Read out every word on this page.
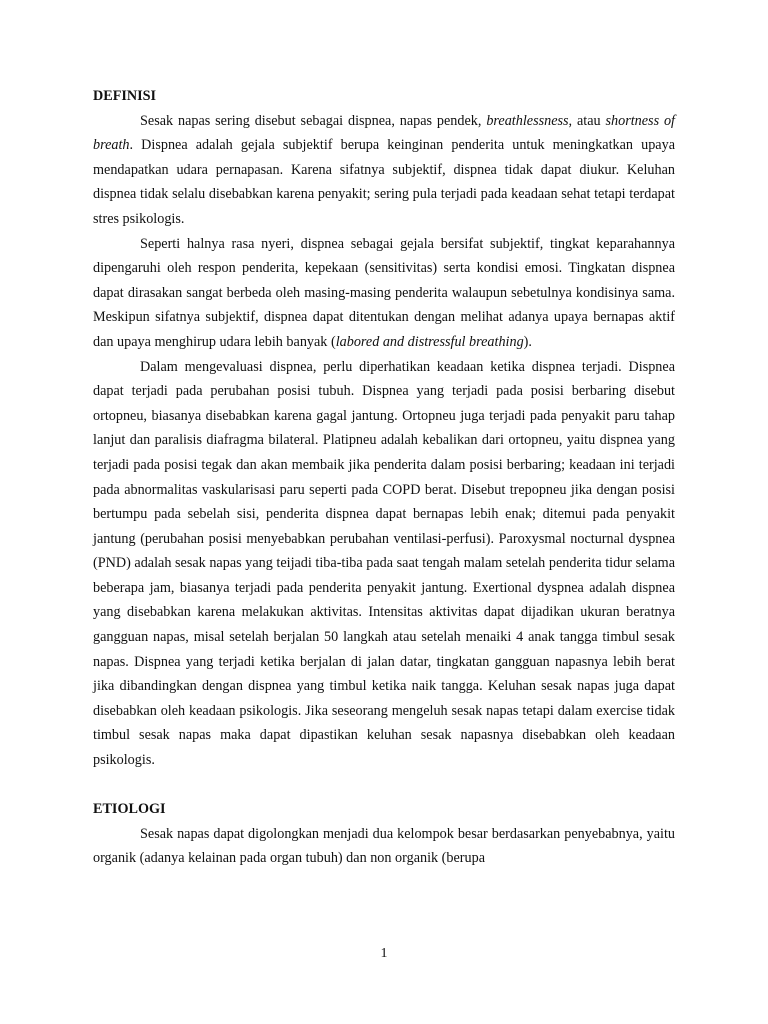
DEFINISI

Sesak napas sering disebut sebagai dispnea, napas pendek, breathlessness, atau shortness of breath. Dispnea adalah gejala subjektif berupa keinginan penderita untuk meningkatkan upaya mendapatkan udara pernapasan. Karena sifatnya subjektif, dispnea tidak dapat diukur. Keluhan dispnea tidak selalu disebabkan karena penyakit; sering pula terjadi pada keadaan sehat tetapi terdapat stres psikologis.

Seperti halnya rasa nyeri, dispnea sebagai gejala bersifat subjektif, tingkat keparahannya dipengaruhi oleh respon penderita, kepekaan (sensitivitas) serta kondisi emosi. Tingkatan dispnea dapat dirasakan sangat berbeda oleh masing-masing penderita walaupun sebetulnya kondisinya sama. Meskipun sifatnya subjektif, dispnea dapat ditentukan dengan melihat adanya upaya bernapas aktif dan upaya menghirup udara lebih banyak (labored and distressful breathing).

Dalam mengevaluasi dispnea, perlu diperhatikan keadaan ketika dispnea terjadi. Dispnea dapat terjadi pada perubahan posisi tubuh. Dispnea yang terjadi pada posisi berbaring disebut ortopneu, biasanya disebabkan karena gagal jantung. Ortopneu juga terjadi pada penyakit paru tahap lanjut dan paralisis diafragma bilateral. Platipneu adalah kebalikan dari ortopneu, yaitu dispnea yang terjadi pada posisi tegak dan akan membaik jika penderita dalam posisi berbaring; keadaan ini terjadi pada abnormalitas vaskularisasi paru seperti pada COPD berat. Disebut trepopneu jika dengan posisi bertumpu pada sebelah sisi, penderita dispnea dapat bernapas lebih enak; ditemui pada penyakit jantung (perubahan posisi menyebabkan perubahan ventilasi-perfusi). Paroxysmal nocturnal dyspnea (PND) adalah sesak napas yang teijadi tiba-tiba pada saat tengah malam setelah penderita tidur selama beberapa jam, biasanya terjadi pada penderita penyakit jantung. Exertional dyspnea adalah dispnea yang disebabkan karena melakukan aktivitas. Intensitas aktivitas dapat dijadikan ukuran beratnya gangguan napas, misal setelah berjalan 50 langkah atau setelah menaiki 4 anak tangga timbul sesak napas. Dispnea yang terjadi ketika berjalan di jalan datar, tingkatan gangguan napasnya lebih berat jika dibandingkan dengan dispnea yang timbul ketika naik tangga. Keluhan sesak napas juga dapat disebabkan oleh keadaan psikologis. Jika seseorang mengeluh sesak napas tetapi dalam exercise tidak timbul sesak napas maka dapat dipastikan keluhan sesak napasnya disebabkan oleh keadaan psikologis.

ETIOLOGI

Sesak napas dapat digolongkan menjadi dua kelompok besar berdasarkan penyebabnya, yaitu organik (adanya kelainan pada organ tubuh) dan non organik (berupa

1
